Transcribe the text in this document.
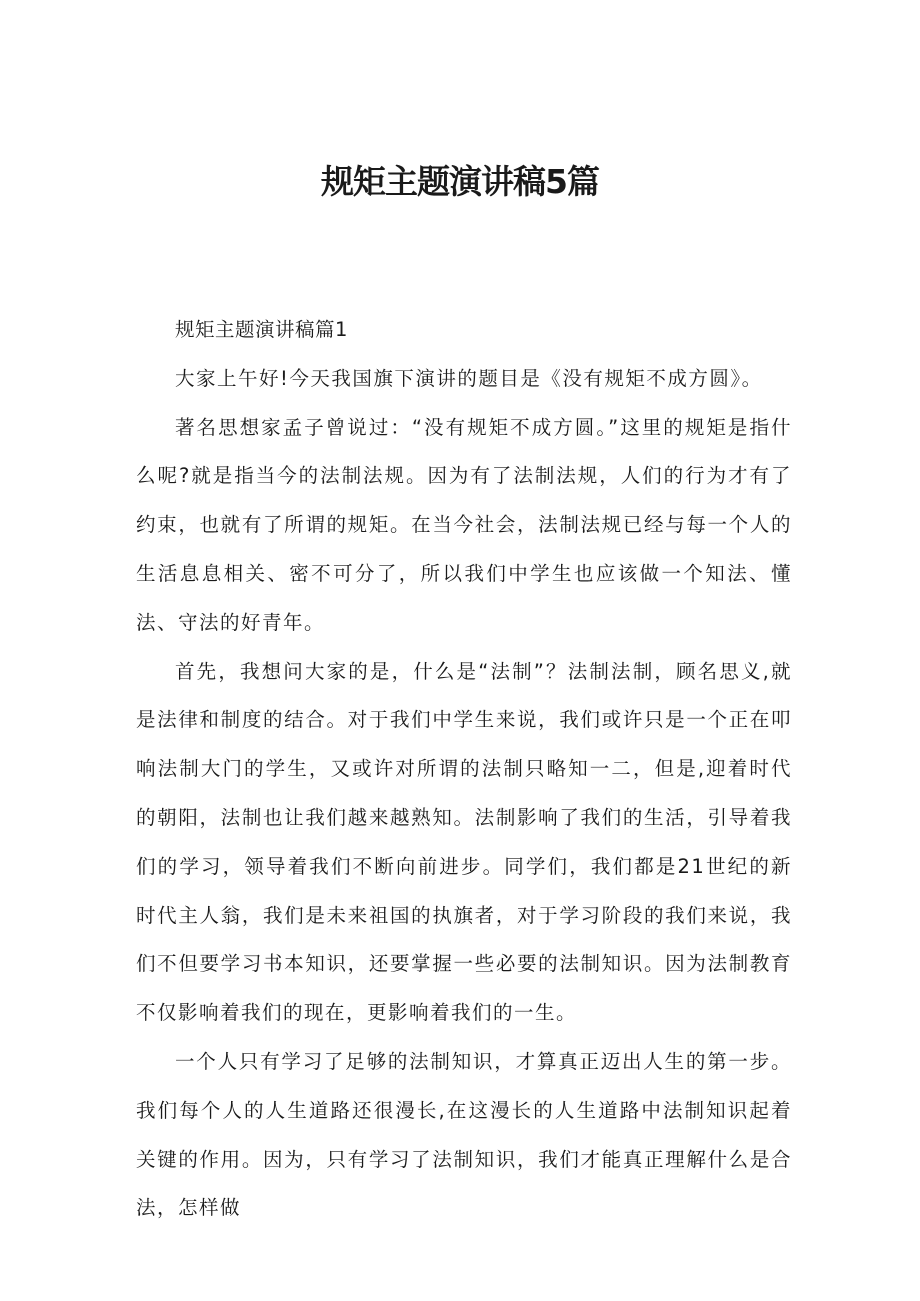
规矩主题演讲稿5篇

规矩主题演讲稿篇1

大家上午好!今天我国旗下演讲的题目是《没有规矩不成方圆》。

著名思想家孟子曾说过：“没有规矩不成方圆。”这里的规矩是指什么呢?就是指当今的法制法规。因为有了法制法规，人们的行为才有了约束，也就有了所谓的规矩。在当今社会，法制法规已经与每一个人的生活息息相关、密不可分了，所以我们中学生也应该做一个知法、懂法、守法的好青年。

首先，我想问大家的是，什么是“法制”？法制法制，顾名思义,就是法律和制度的结合。对于我们中学生来说，我们或许只是一个正在叩响法制大门的学生，又或许对所谓的法制只略知一二，但是,迎着时代的朝阳，法制也让我们越来越熟知。法制影响了我们的生活，引导着我们的学习，领导着我们不断向前进步。同学们，我们都是21世纪的新时代主人翁，我们是未来祖国的执旗者，对于学习阶段的我们来说，我们不但要学习书本知识，还要掌握一些必要的法制知识。因为法制教育不仅影响着我们的现在，更影响着我们的一生。

一个人只有学习了足够的法制知识，才算真正迈出人生的第一步。我们每个人的人生道路还很漫长,在这漫长的人生道路中法制知识起着关键的作用。因为，只有学习了法制知识，我们才能真正理解什么是合法，怎样做
